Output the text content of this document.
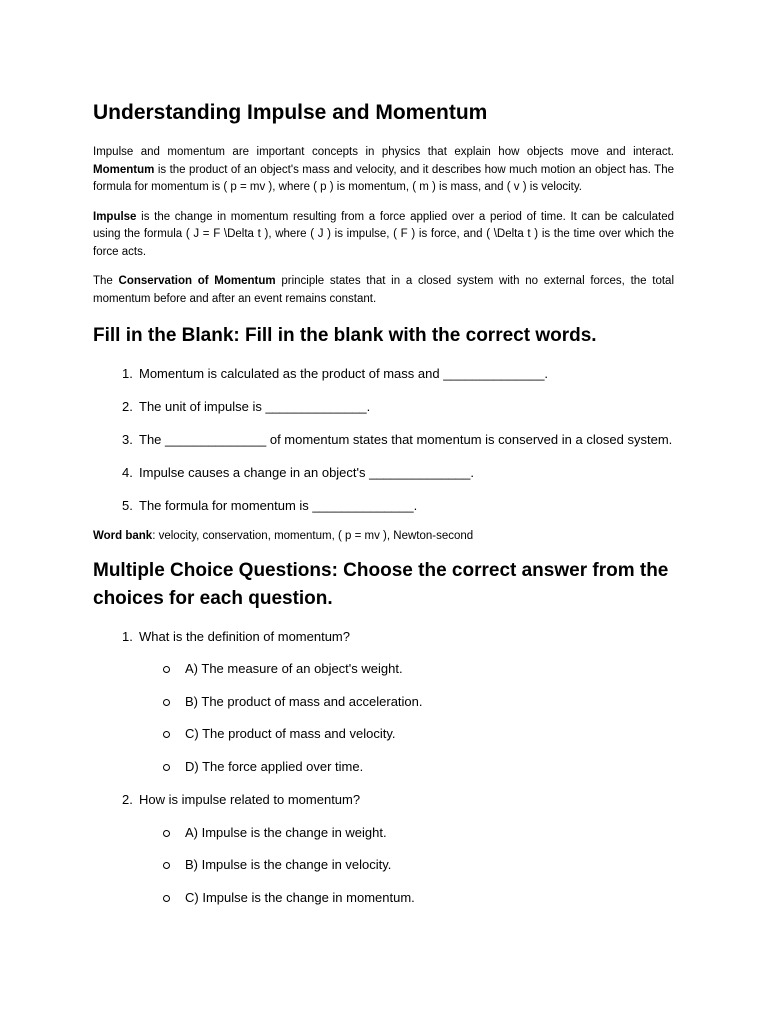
Understanding Impulse and Momentum

Impulse and momentum are important concepts in physics that explain how objects move and interact. Momentum is the product of an object's mass and velocity, and it describes how much motion an object has. The formula for momentum is ( p = mv ), where ( p ) is momentum, ( m ) is mass, and ( v ) is velocity.

Impulse is the change in momentum resulting from a force applied over a period of time. It can be calculated using the formula ( J = F \Delta t ), where ( J ) is impulse, ( F ) is force, and ( \Delta t ) is the time over which the force acts.

The Conservation of Momentum principle states that in a closed system with no external forces, the total momentum before and after an event remains constant.

Fill in the Blank: Fill in the blank with the correct words.
1. Momentum is calculated as the product of mass and ______________.
2. The unit of impulse is ______________.
3. The ______________ of momentum states that momentum is conserved in a closed system.
4. Impulse causes a change in an object's ______________.
5. The formula for momentum is ______________.

Word bank: velocity, conservation, momentum, ( p = mv ), Newton-second

Multiple Choice Questions: Choose the correct answer from the choices for each question.
1. What is the definition of momentum?
A) The measure of an object's weight.
B) The product of mass and acceleration.
C) The product of mass and velocity.
D) The force applied over time.
2. How is impulse related to momentum?
A) Impulse is the change in weight.
B) Impulse is the change in velocity.
C) Impulse is the change in momentum.
